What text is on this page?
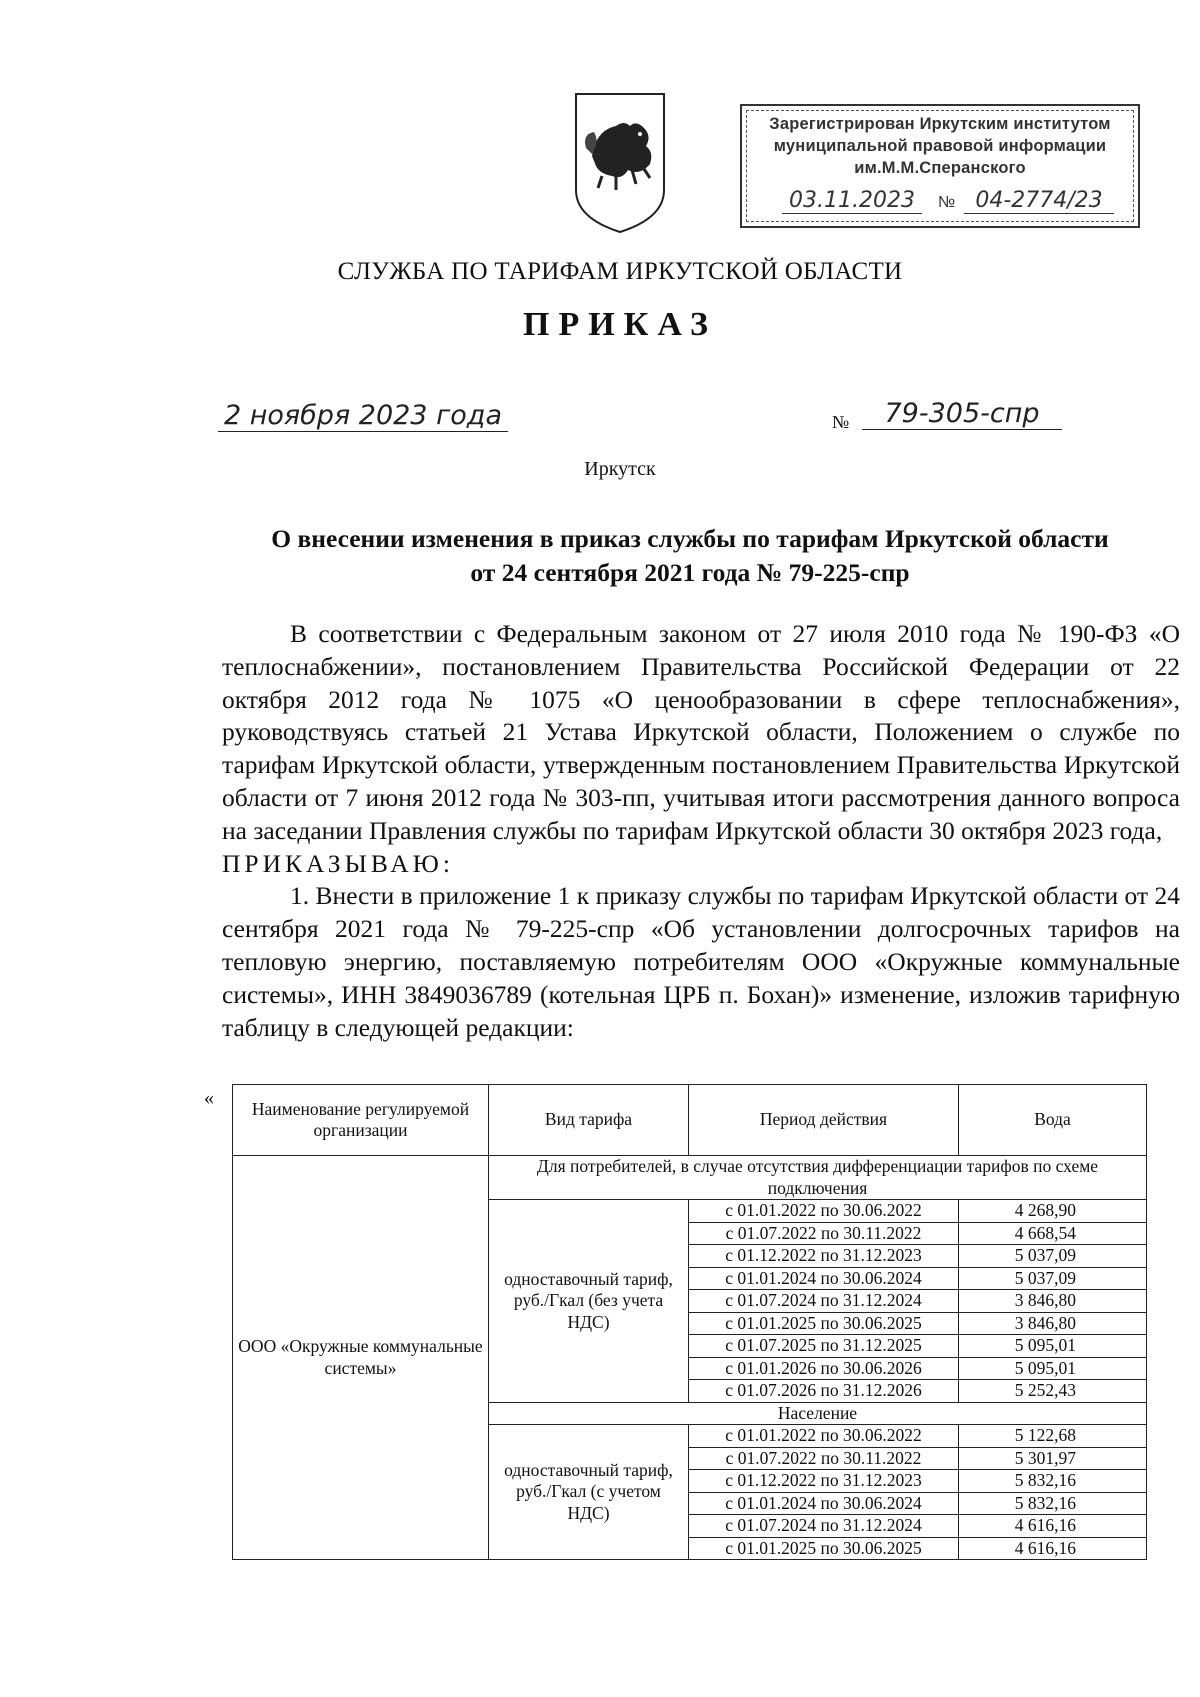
Зарегистрирован Иркутским институтом
муниципальной правовой информации
им.М.М.Сперанского
03.11.2023	№ 04-2774/23
СЛУЖБА ПО ТАРИФАМ ИРКУТСКОЙ ОБЛАСТИ
ПРИКАЗ
2 ноября 2023 года	№	79-305-спр
Иркутск
О внесении изменения в приказ службы по тарифам Иркутской области
от 24 сентября 2021 года № 79-225-спр

В соответствии с Федеральным законом от 27 июля 2010 года № 190-ФЗ «О теплоснабжении», постановлением Правительства Российской Федерации от 22 октября 2012 года № 1075 «О ценообразовании в сфере теплоснабжения», руководствуясь статьей 21 Устава Иркутской области, Положением о службе по тарифам Иркутской области, утвержденным постановлением Правительства Иркутской области от 7 июня 2012 года № 303-пп, учитывая итоги рассмотрения данного вопроса на заседании Правления службы по тарифам Иркутской области 30 октября 2023 года,

ПРИКАЗЫВАЮ:

1. Внести в приложение 1 к приказу службы по тарифам Иркутской области от 24 сентября 2021 года № 79-225-спр «Об установлении долгосрочных тарифов на тепловую энергию, поставляемую потребителям ООО «Окружные коммунальные системы», ИНН 3849036789 (котельная ЦРБ п. Бохан)» изменение, изложив тарифную таблицу в следующей редакции:

« Наименование регулируемой организации	Вид тарифа	Период действия	Вода
ООО «Окружные коммунальные системы»	Для потребителей, в случае отсутствия дифференциации тарифов по схеме подключения		
	одноставочный тариф, руб./Гкал (без учета НДС)	с 01.01.2022 по 30.06.2022	4 268,90
		с 01.07.2022 по 30.11.2022	4 668,54
		с 01.12.2022 по 31.12.2023	5 037,09
		с 01.01.2024 по 30.06.2024	5 037,09
		с 01.07.2024 по 31.12.2024	3 846,80
		с 01.01.2025 по 30.06.2025	3 846,80
		с 01.07.2025 по 31.12.2025	5 095,01
		с 01.01.2026 по 30.06.2026	5 095,01
		с 01.07.2026 по 31.12.2026	5 252,43
	Население		
	одноставочный тариф, руб./Гкал (с учетом НДС)	с 01.01.2022 по 30.06.2022	5 122,68
		с 01.07.2022 по 30.11.2022	5 301,97
		с 01.12.2022 по 31.12.2023	5 832,16
		с 01.01.2024 по 30.06.2024	5 832,16
		с 01.07.2024 по 31.12.2024	4 616,16
		с 01.01.2025 по 30.06.2025	4 616,16
